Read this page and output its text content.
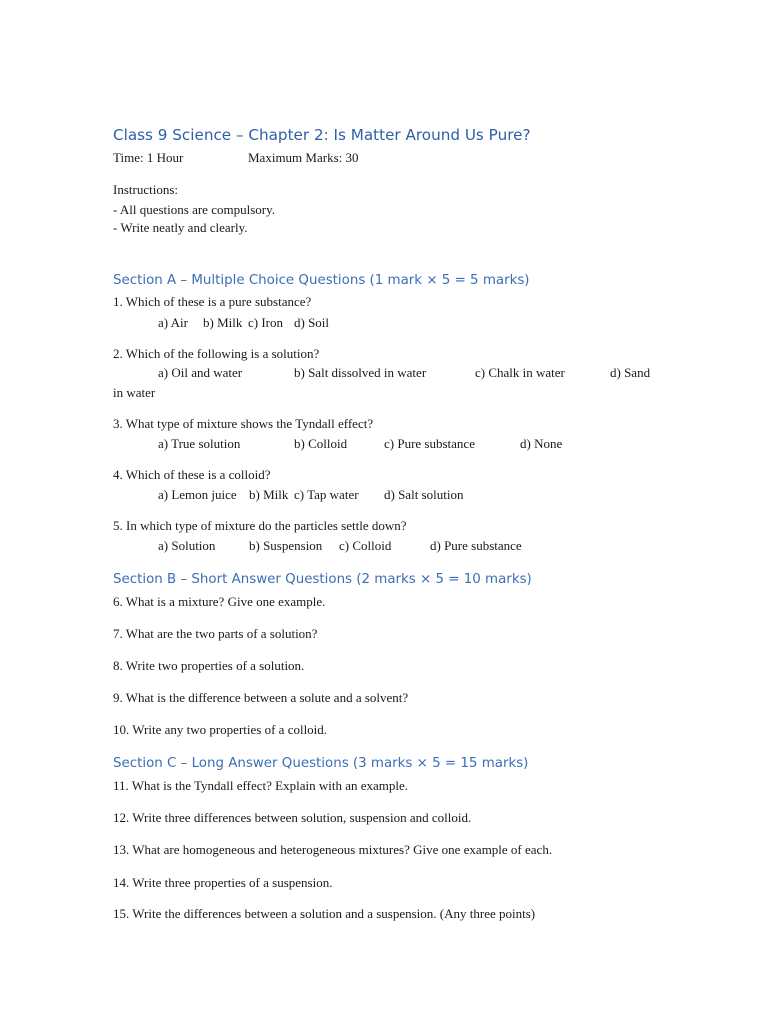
Class 9 Science – Chapter 2: Is Matter Around Us Pure?
Time: 1 Hour	Maximum Marks: 30
Instructions:
- All questions are compulsory.
- Write neatly and clearly.
Section A – Multiple Choice Questions (1 mark × 5 = 5 marks)
1. Which of these is a pure substance?
a) Air b) Milk c) Iron d) Soil
2. Which of the following is a solution?
a) Oil and water	b) Salt dissolved in water	c) Chalk in water	d) Sand
in water
3. What type of mixture shows the Tyndall effect?
a) True solution	b) Colloid	c) Pure substance	d) None
4. Which of these is a colloid?
a) Lemon juice b) Milk c) Tap water d) Salt solution
5. In which type of mixture do the particles settle down?
a) Solution	b) Suspension c) Colloid	d) Pure substance
Section B – Short Answer Questions (2 marks × 5 = 10 marks)
6. What is a mixture? Give one example.
7. What are the two parts of a solution?
8. Write two properties of a solution.
9. What is the difference between a solute and a solvent?
10. Write any two properties of a colloid.
Section C – Long Answer Questions (3 marks × 5 = 15 marks)
11. What is the Tyndall effect? Explain with an example.
12. Write three differences between solution, suspension and colloid.
13. What are homogeneous and heterogeneous mixtures? Give one example of each.
14. Write three properties of a suspension.
15. Write the differences between a solution and a suspension. (Any three points)
